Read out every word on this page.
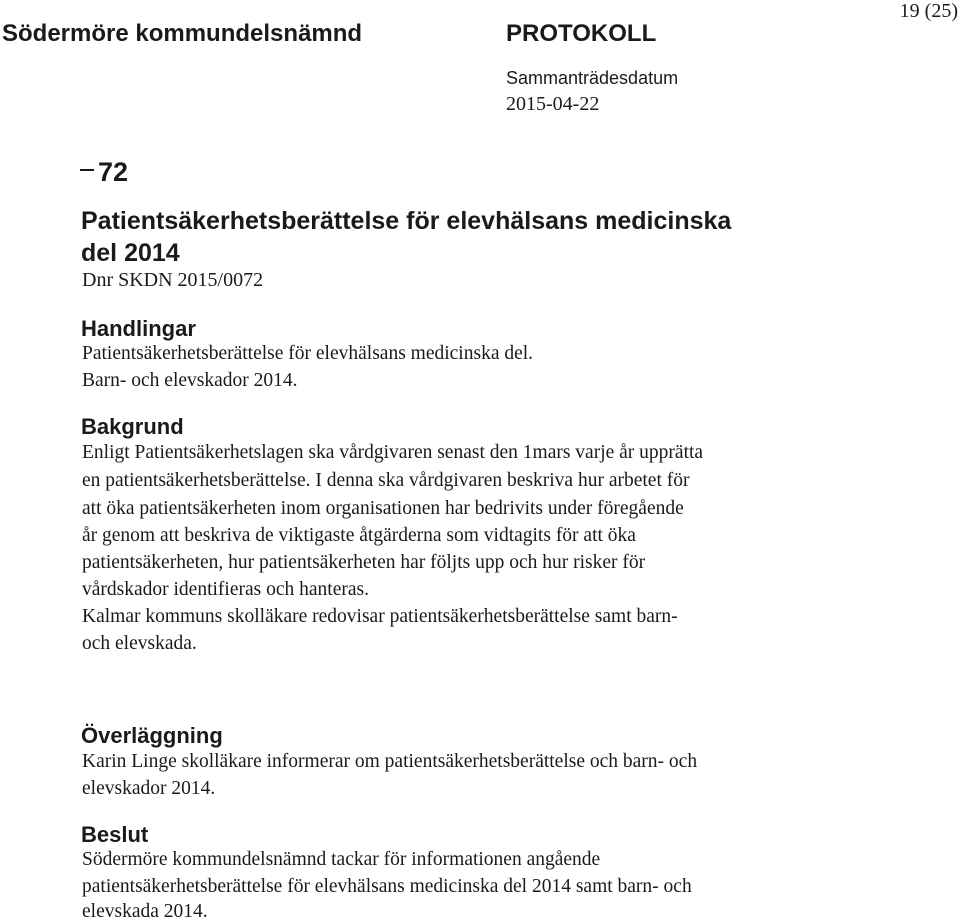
Södermöre kommundelsnämnd	PROTOKOLL
19 (25)
Sammanträdesdatum
2015-04-22
72
Patientsäkerhetsberättelse för elevhälsans medicinska
del 2014
Dnr SKDN 2015/0072
Handlingar
Patientsäkerhetsberättelse för elevhälsans medicinska del.
Barn- och elevskador 2014.
Bakgrund
Enligt Patientsäkerhetslagen ska vårdgivaren senast den 1mars varje år upprätta
en patientsäkerhetsberättelse. I denna ska vårdgivaren beskriva hur arbetet för
att öka patientsäkerheten inom organisationen har bedrivits under föregående
år genom att beskriva de viktigaste åtgärderna som vidtagits för att öka
patientsäkerheten, hur patientsäkerheten har följts upp och hur risker för
vårdskador identifieras och hanteras.
Kalmar kommuns skolläkare redovisar patientsäkerhetsberättelse samt barn-
och elevskada.
Överläggning
Karin Linge skolläkare informerar om patientsäkerhetsberättelse och barn- och
elevskador 2014.
Beslut
Södermöre kommundelsnämnd tackar för informationen angående
patientsäkerhetsberättelse för elevhälsans medicinska del 2014 samt barn- och
elevskada 2014.
